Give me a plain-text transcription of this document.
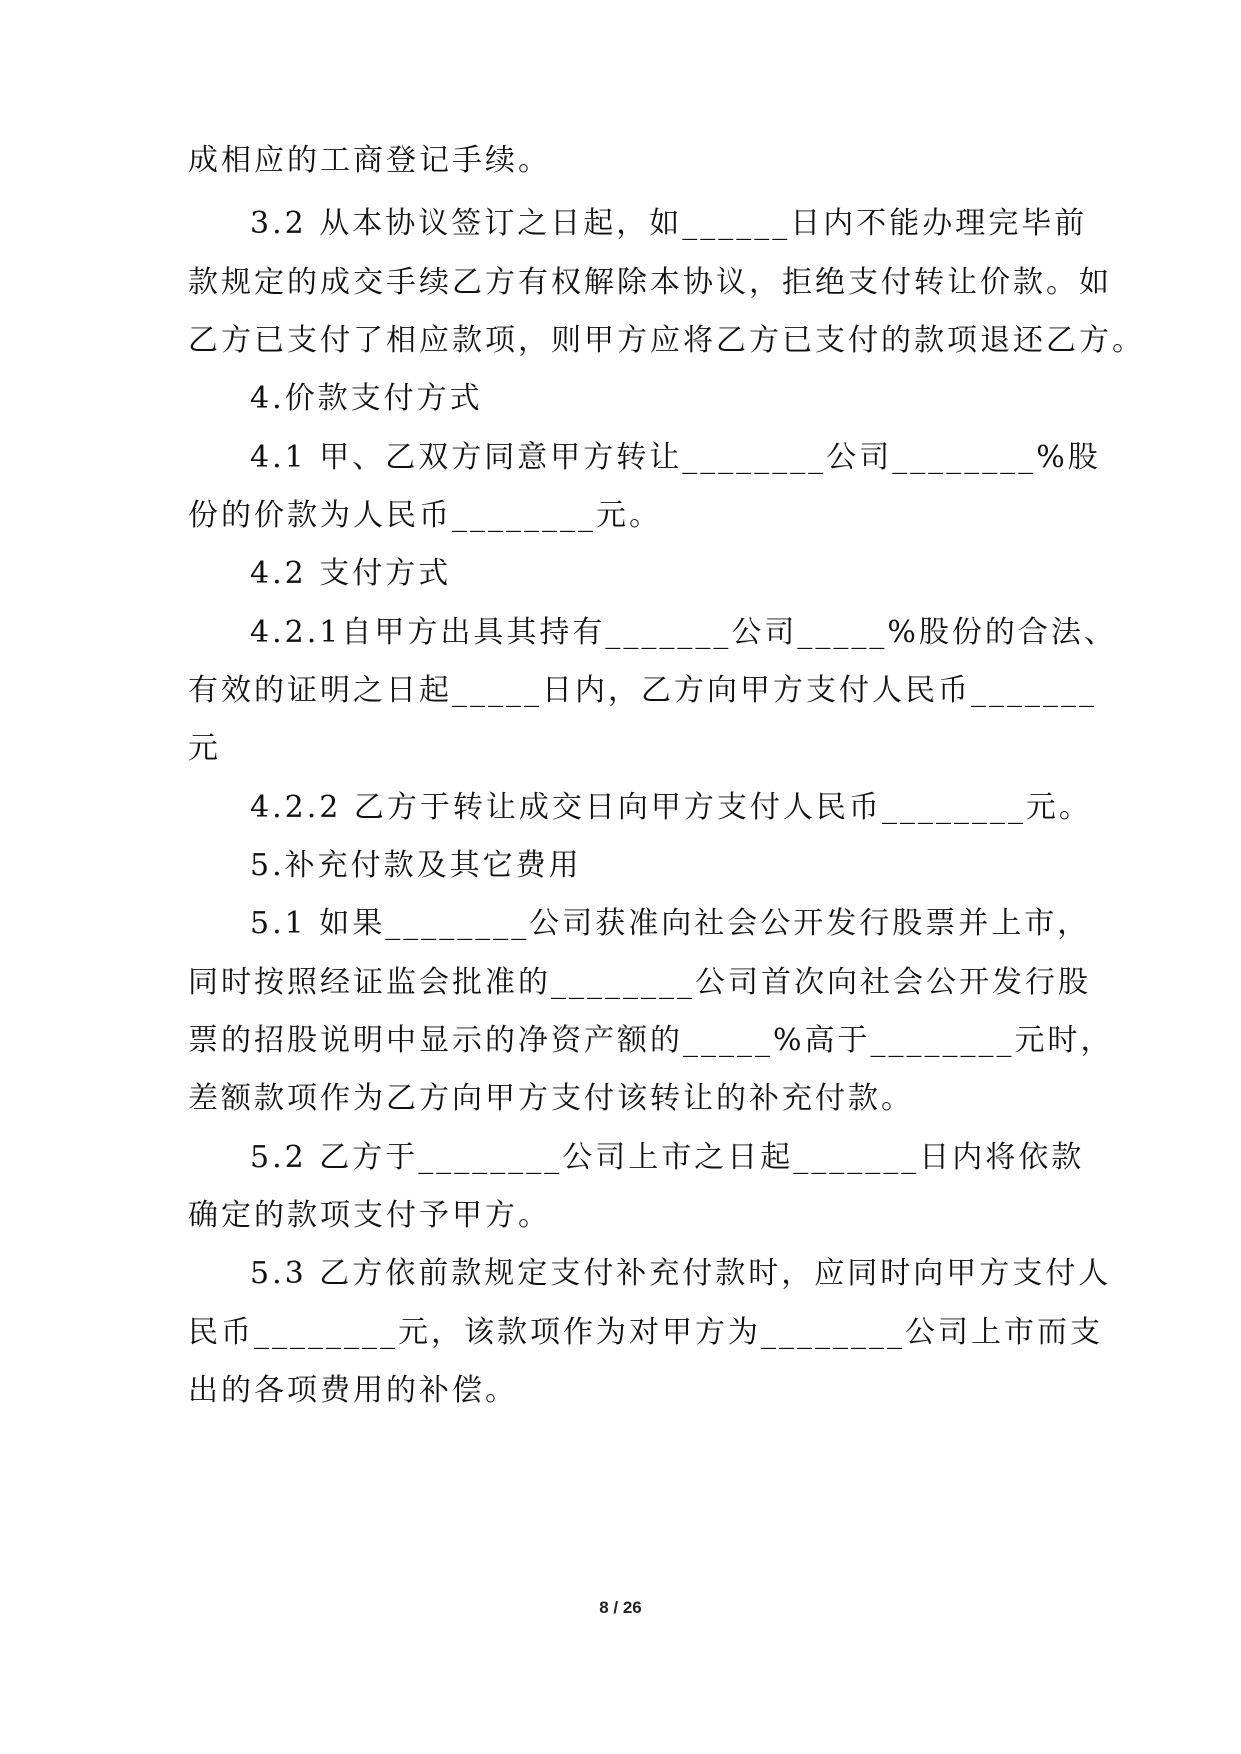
成相应的工商登记手续。
3.2 从本协议签订之日起，如______日内不能办理完毕前
款规定的成交手续乙方有权解除本协议，拒绝支付转让价款。如
乙方已支付了相应款项，则甲方应将乙方已支付的款项退还乙方。
4.价款支付方式
4.1 甲、乙双方同意甲方转让________公司________%股
份的价款为人民币________元。
4.2 支付方式
4.2.1自甲方出具其持有_______公司_____%股份的合法、
有效的证明之日起_____日内，乙方向甲方支付人民币_______
元
4.2.2 乙方于转让成交日向甲方支付人民币________元。
5.补充付款及其它费用
5.1 如果________公司获准向社会公开发行股票并上市，
同时按照经证监会批准的________公司首次向社会公开发行股
票的招股说明中显示的净资产额的_____%高于________元时，
差额款项作为乙方向甲方支付该转让的补充付款。
5.2 乙方于________公司上市之日起_______日内将依款
确定的款项支付予甲方。
5.3 乙方依前款规定支付补充付款时，应同时向甲方支付人
民币________元，该款项作为对甲方为________公司上市而支
出的各项费用的补偿。
8 / 26
